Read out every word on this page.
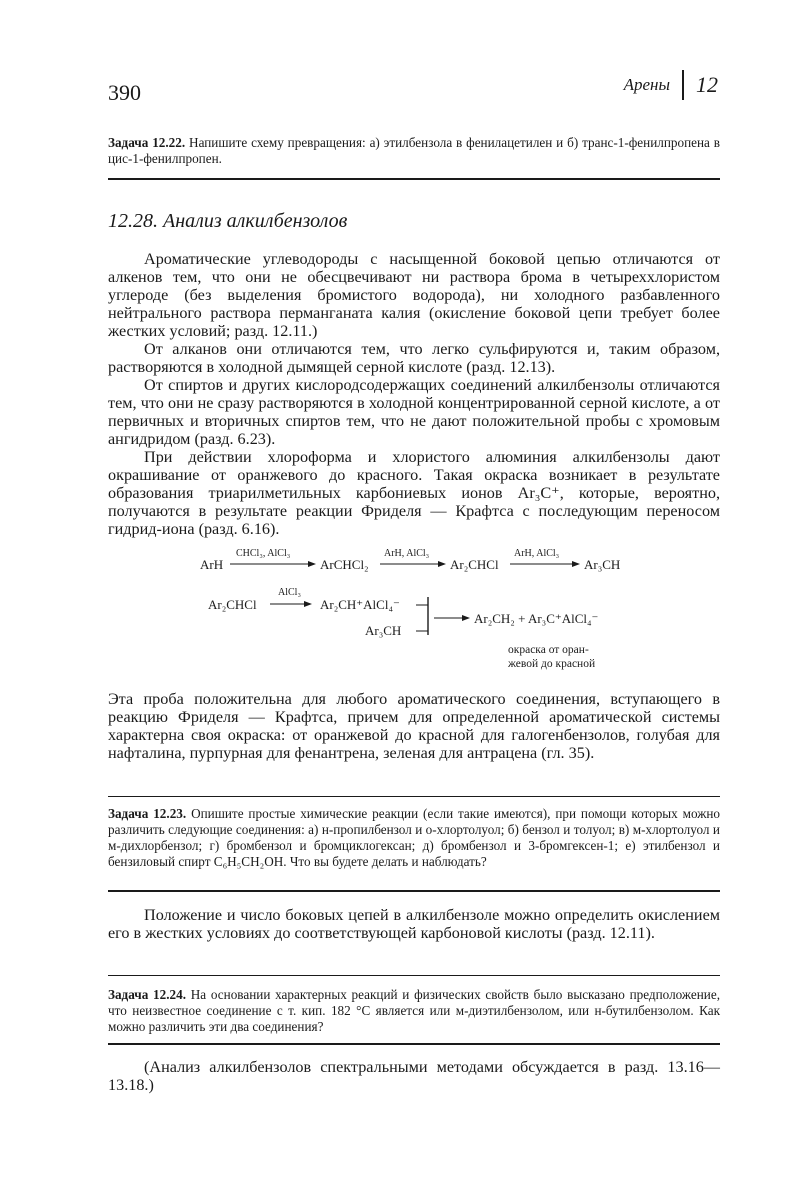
390	Арены 12
Задача 12.22. Напишите схему превращения: а) этилбензола в фенилацетилен и б) транс-1-фенилпропена в цис-1-фенилпропен.
12.28. Анализ алкилбензолов

Ароматические углеводороды с насыщенной боковой цепью отличаются от алкенов тем, что они не обесцвечивают ни раствора брома в четыреххлористом углероде (без выделения бромистого водорода), ни холодного разбавленного нейтрального раствора перманганата калия (окисление боковой цепи требует более жестких условий; разд. 12.11.)

От алканов они отличаются тем, что легко сульфируются и, таким образом, растворяются в холодной дымящей серной кислоте (разд. 12.13).

От спиртов и других кислородсодержащих соединений алкилбензолы отличаются тем, что они не сразу растворяются в холодной концентрированной серной кислоте, а от первичных и вторичных спиртов тем, что не дают положительной пробы с хромовым ангидридом (разд. 6.23).

При действии хлороформа и хлористого алюминия алкилбензолы дают окрашивание от оранжевого до красного. Такая окраска возникает в результате образования триарилметильных карбониевых ионов Ar₃C⁺, которые, вероятно, получаются в результате реакции Фриделя — Крафтса с последующим переносом гидрид-иона (разд. 6.16).

ArH
CHCl₃, AlCl₃
ArCHCl₂
ArH, AlCl₃
Ar₂CHCl
ArH, AlCl₃
Ar₃CH
Ar₂CHCl
AlCl₃
Ar₂CH⁺AlCl₄⁻
Ar₃CH
Ar₂CH₂ + Ar₃C⁺AlCl₄⁻
окраска от оран-
жевой до красной
Эта проба положительна для любого ароматического соединения, вступающего в реакцию Фриделя — Крафтса, причем для определенной ароматической системы характерна своя окраска: от оранжевой до красной для галогенбензолов, голубая для нафталина, пурпурная для фенантрена, зеленая для антрацена (гл. 35).
Задача 12.23. Опишите простые химические реакции (если такие имеются), при помощи которых можно различить следующие соединения: а) н-пропилбензол и о-хлортолуол; б) бензол и толуол; в) м-хлортолуол и м-дихлорбензол; г) бромбензол и бромциклогексан; д) бромбензол и 3-бромгексен-1; е) этилбензол и бензиловый спирт C₆H₅CH₂OH. Что вы будете делать и наблюдать?
Положение и число боковых цепей в алкилбензоле можно определить окислением его в жестких условиях до соответствующей карбоновой кислоты (разд. 12.11).
Задача 12.24. На основании характерных реакций и физических свойств было высказано предположение, что неизвестное соединение с т. кип. 182 °С является или м-диэтилбензолом, или н-бутилбензолом. Как можно различить эти два соединения?
(Анализ алкилбензолов спектральными методами обсуждается в разд. 13.16—13.18.)
